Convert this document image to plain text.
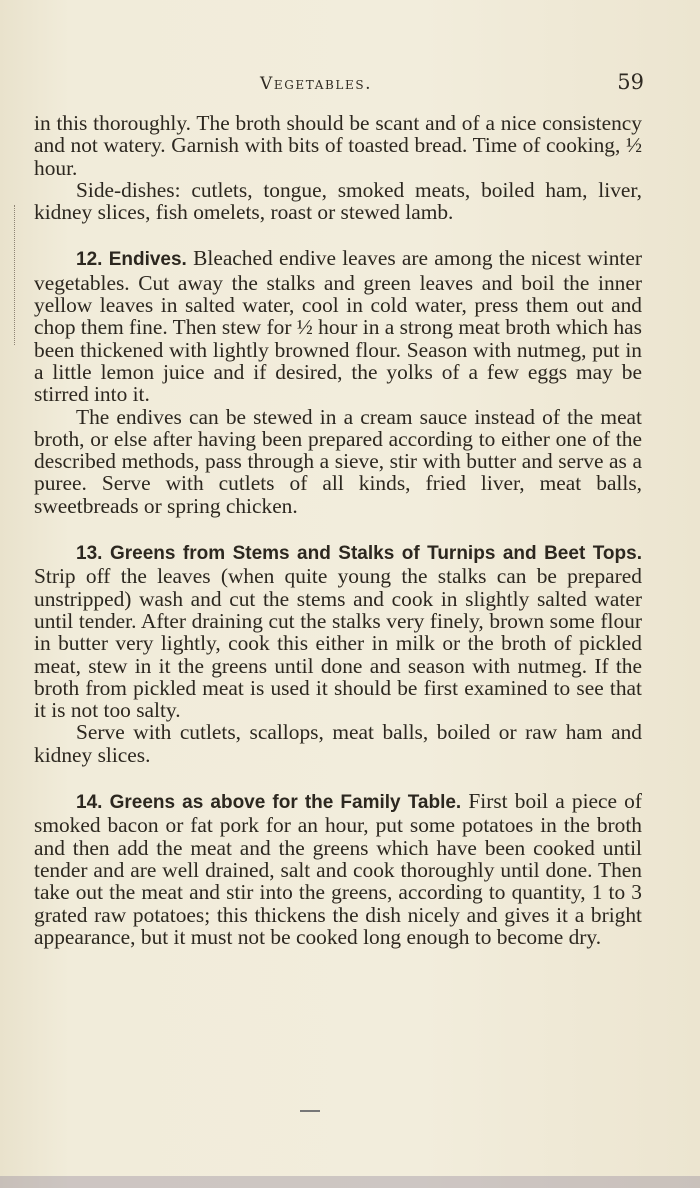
Vegetables.	59

in this thoroughly. The broth should be scant and of a nice consistency and not watery. Garnish with bits of toasted bread. Time of cooking, ½ hour.

Side-dishes: cutlets, tongue, smoked meats, boiled ham, liver, kidney slices, fish omelets, roast or stewed lamb.

12. Endives. Bleached endive leaves are among the nicest winter vegetables. Cut away the stalks and green leaves and boil the inner yellow leaves in salted water, cool in cold water, press them out and chop them fine. Then stew for ½ hour in a strong meat broth which has been thickened with lightly browned flour. Season with nutmeg, put in a little lemon juice and if desired, the yolks of a few eggs may be stirred into it.

The endives can be stewed in a cream sauce instead of the meat broth, or else after having been prepared according to either one of the described methods, pass through a sieve, stir with butter and serve as a puree. Serve with cutlets of all kinds, fried liver, meat balls, sweetbreads or spring chicken.

13. Greens from Stems and Stalks of Turnips and Beet Tops. Strip off the leaves (when quite young the stalks can be prepared unstripped) wash and cut the stems and cook in slightly salted water until tender. After draining cut the stalks very finely, brown some flour in butter very lightly, cook this either in milk or the broth of pickled meat, stew in it the greens until done and season with nutmeg. If the broth from pickled meat is used it should be first examined to see that it is not too salty.

Serve with cutlets, scallops, meat balls, boiled or raw ham and kidney slices.

14. Greens as above for the Family Table. First boil a piece of smoked bacon or fat pork for an hour, put some potatoes in the broth and then add the meat and the greens which have been cooked until tender and are well drained, salt and cook thoroughly until done. Then take out the meat and stir into the greens, according to quantity, 1 to 3 grated raw potatoes; this thickens the dish nicely and gives it a bright appearance, but it must not be cooked long enough to become dry.
